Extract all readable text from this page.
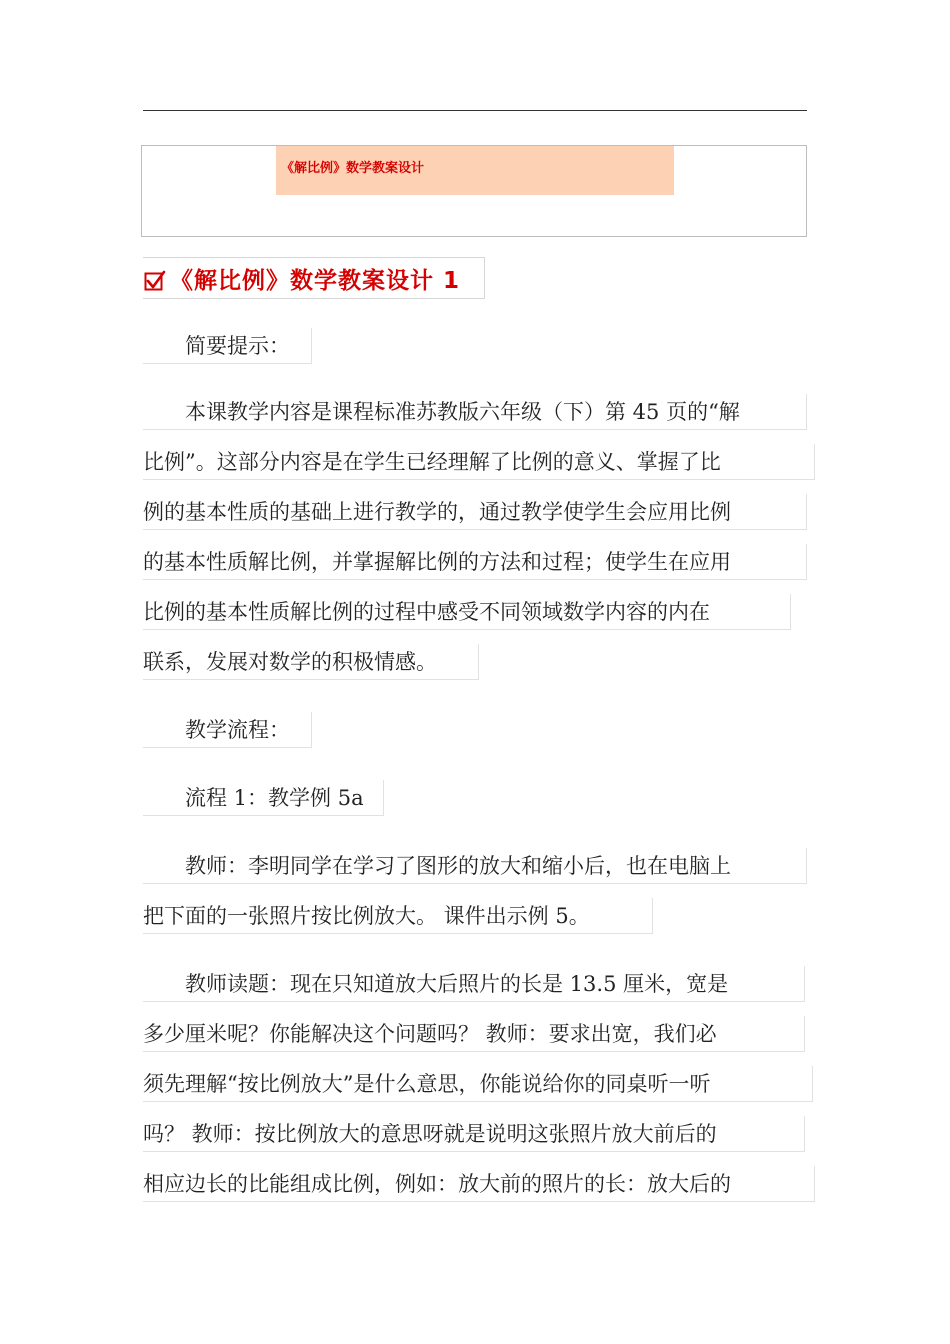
《解比例》数学教案设计
《解比例》数学教案设计 1
　　简要提示：
　　本课教学内容是课程标准苏教版六年级（下）第 45 页的“解
比例”。这部分内容是在学生已经理解了比例的意义、掌握了比
例的基本性质的基础上进行教学的，通过教学使学生会应用比例
的基本性质解比例，并掌握解比例的方法和过程；使学生在应用
比例的基本性质解比例的过程中感受不同领域数学内容的内在
联系，发展对数学的积极情感。
　　教学流程：
　　流程 1：教学例 5a
　　教师：李明同学在学习了图形的放大和缩小后，也在电脑上
把下面的一张照片按比例放大。 课件出示例 5。
　　教师读题：现在只知道放大后照片的长是 13.5 厘米，宽是
多少厘米呢？你能解决这个问题吗？ 教师：要求出宽，我们必
须先理解“按比例放大”是什么意思，你能说给你的同桌听一听
吗？ 教师：按比例放大的意思呀就是说明这张照片放大前后的
相应边长的比能组成比例，例如：放大前的照片的长：放大后的
